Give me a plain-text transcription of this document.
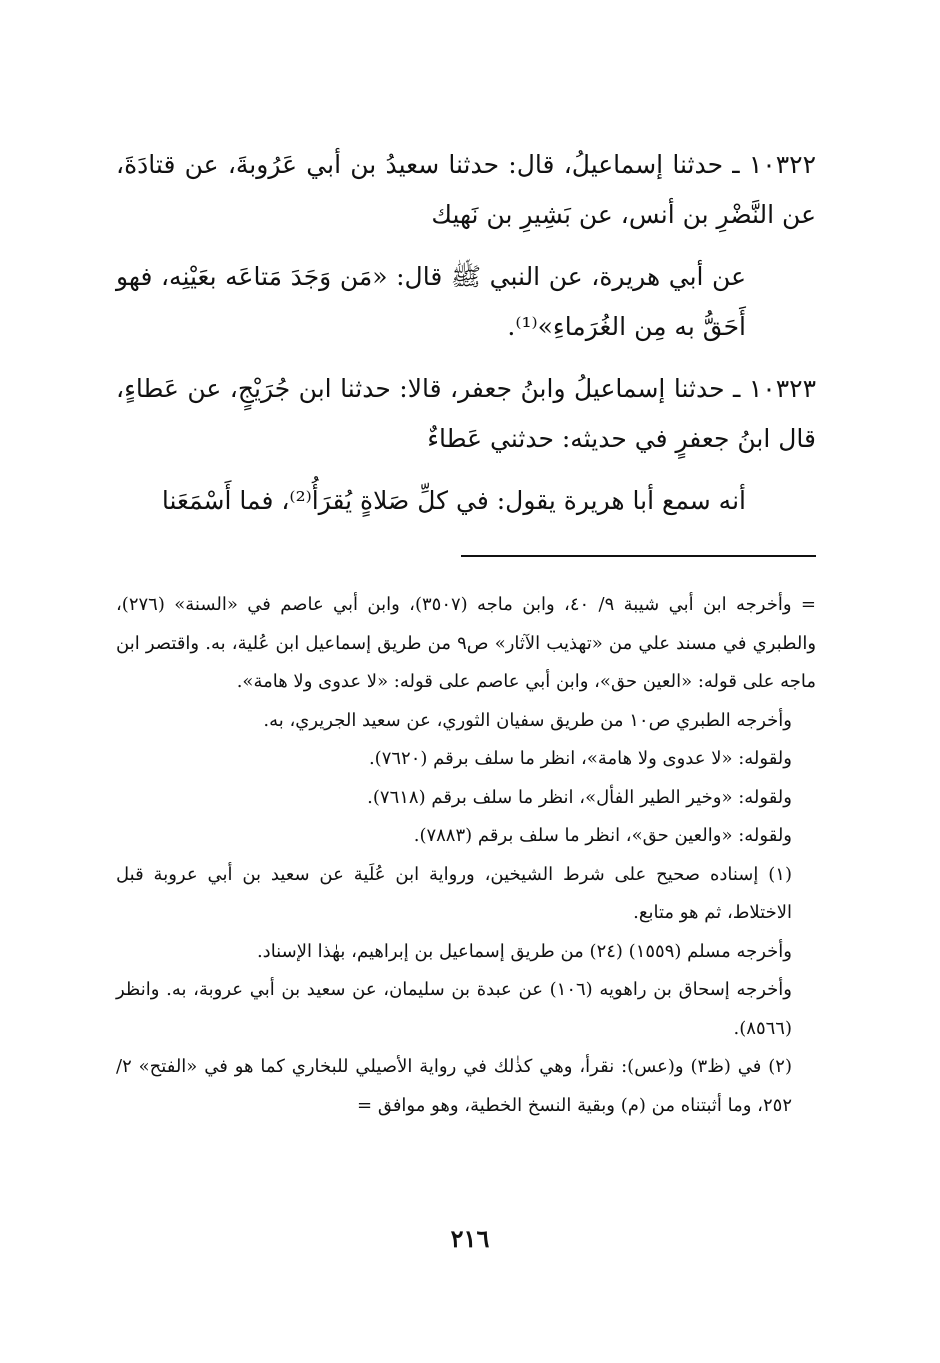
١٠٣٢٢ ـ حدثنا إسماعيلُ، قال: حدثنا سعيدُ بن أبي عَرُوبةَ، عن قتادَةَ، عن النَّضْرِ بن أنس، عن بَشِيرِ بن نَهيك

عن أبي هريرة، عن النبي ﷺ قال: «مَن وَجَدَ مَتاعَه بعَيْنِه، فهو أَحَقُّ به مِن الغُرَماءِ»⁽¹⁾.

١٠٣٢٣ ـ حدثنا إسماعيلُ وابنُ جعفر، قالا: حدثنا ابن جُرَيْجٍ، عن عَطاءٍ، قال ابنُ جعفرٍ في حديثه: حدثني عَطاءٌ

أنه سمع أبا هريرة يقول: في كلِّ صَلاةٍ يُقرَأُ⁽²⁾، فما أَسْمَعَنا

= وأخرجه ابن أبي شيبة ٩/ ٤٠، وابن ماجه (٣٥٠٧)، وابن أبي عاصم في «السنة» (٢٧٦)، والطبري في مسند علي من «تهذيب الآثار» ص٩ من طريق إسماعيل ابن عُلية، به. واقتصر ابن ماجه على قوله: «العين حق»، وابن أبي عاصم على قوله: «لا عدوى ولا هامة».

وأخرجه الطبري ص١٠ من طريق سفيان الثوري، عن سعيد الجريري، به.

ولقوله: «لا عدوى ولا هامة»، انظر ما سلف برقم (٧٦٢٠).

ولقوله: «وخير الطير الفأل»، انظر ما سلف برقم (٧٦١٨).

ولقوله: «والعين حق»، انظر ما سلف برقم (٧٨٨٣).

(١) إسناده صحيح على شرط الشيخين، ورواية ابن عُلَية عن سعيد بن أبي عروبة قبل الاختلاط، ثم هو متابع.

وأخرجه مسلم (١٥٥٩) (٢٤) من طريق إسماعيل بن إبراهيم، بهٰذا الإسناد.

وأخرجه إسحاق بن راهويه (١٠٦) عن عبدة بن سليمان، عن سعيد بن أبي عروبة، به. وانظر (٨٥٦٦).

(٢) في (ظ٣) و(عس): نقرأ، وهي كذٰلك في رواية الأصيلي للبخاري كما هو في «الفتح» ٢/ ٢٥٢، وما أثبتناه من (م) وبقية النسخ الخطية، وهو موافق =

٢١٦
